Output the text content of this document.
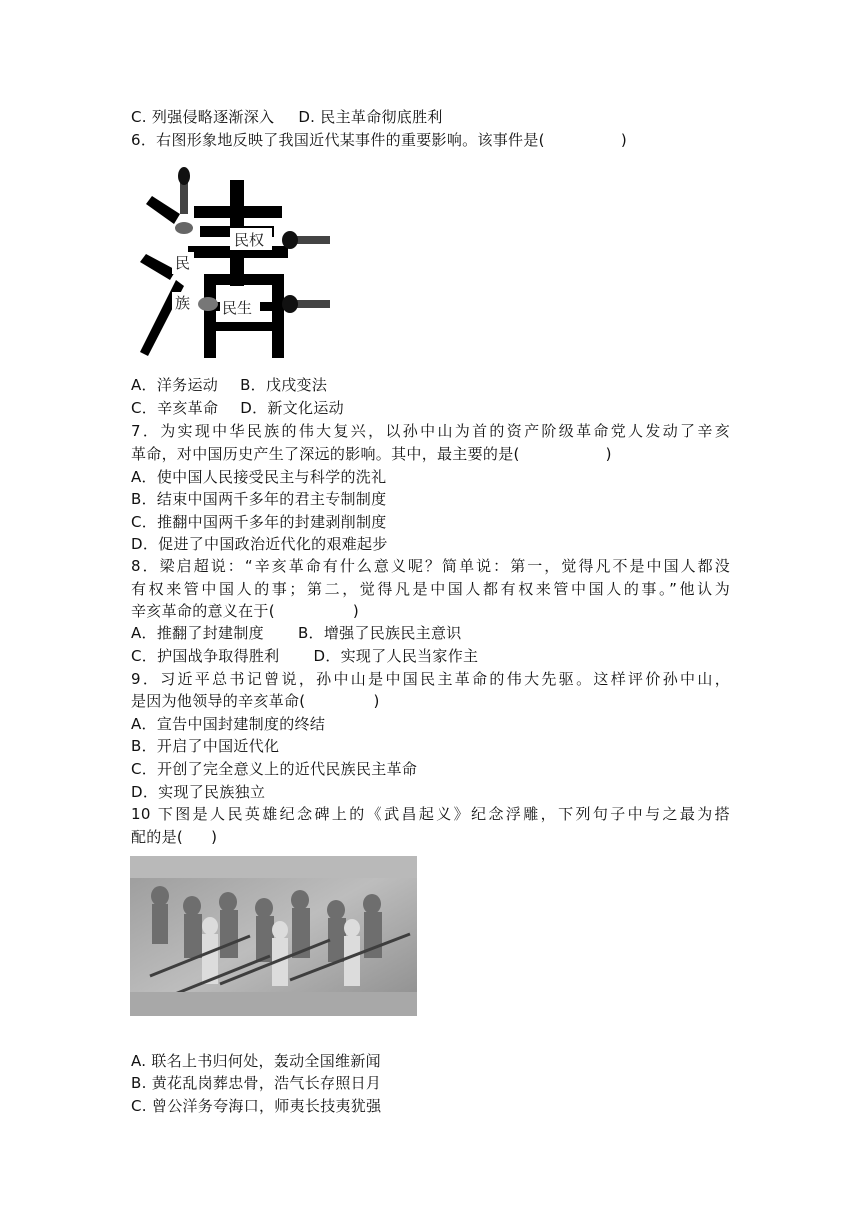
C. 列强侵略逐渐深入 D. 民主革命彻底胜利
6．右图形象地反映了我国近代某事件的重要影响。该事件是(	)
民权
民
族 民生
A．洋务运动 B．戊戌变法
C．辛亥革命 D．新文化运动
7．为实现中华民族的伟大复兴，以孙中山为首的资产阶级革命党人发动了辛亥
革命，对中国历史产生了深远的影响。其中，最主要的是(	)
A．使中国人民接受民主与科学的洗礼
B．结束中国两千多年的君主专制制度
C．推翻中国两千多年的封建剥削制度
D．促进了中国政治近代化的艰难起步
8．梁启超说：“辛亥革命有什么意义呢？简单说：第一，觉得凡不是中国人都没
有权来管中国人的事；第二，觉得凡是中国人都有权来管中国人的事。”他认为
辛亥革命的意义在于(	)
A．推翻了封建制度 B．增强了民族民主意识
C．护国战争取得胜利 D．实现了人民当家作主
9．习近平总书记曾说，孙中山是中国民主革命的伟大先驱。这样评价孙中山，
是因为他领导的辛亥革命(	)
A．宣告中国封建制度的终结
B．开启了中国近代化
C．开创了完全意义上的近代民族民主革命
D．实现了民族独立
10 下图是人民英雄纪念碑上的《武昌起义》纪念浮雕，下列句子中与之最为搭
配的是( )
A. 联名上书归何处，轰动全国维新闻
B. 黄花乱岗葬忠骨，浩气长存照日月
C. 曾公洋务夸海口，师夷长技夷犹强
